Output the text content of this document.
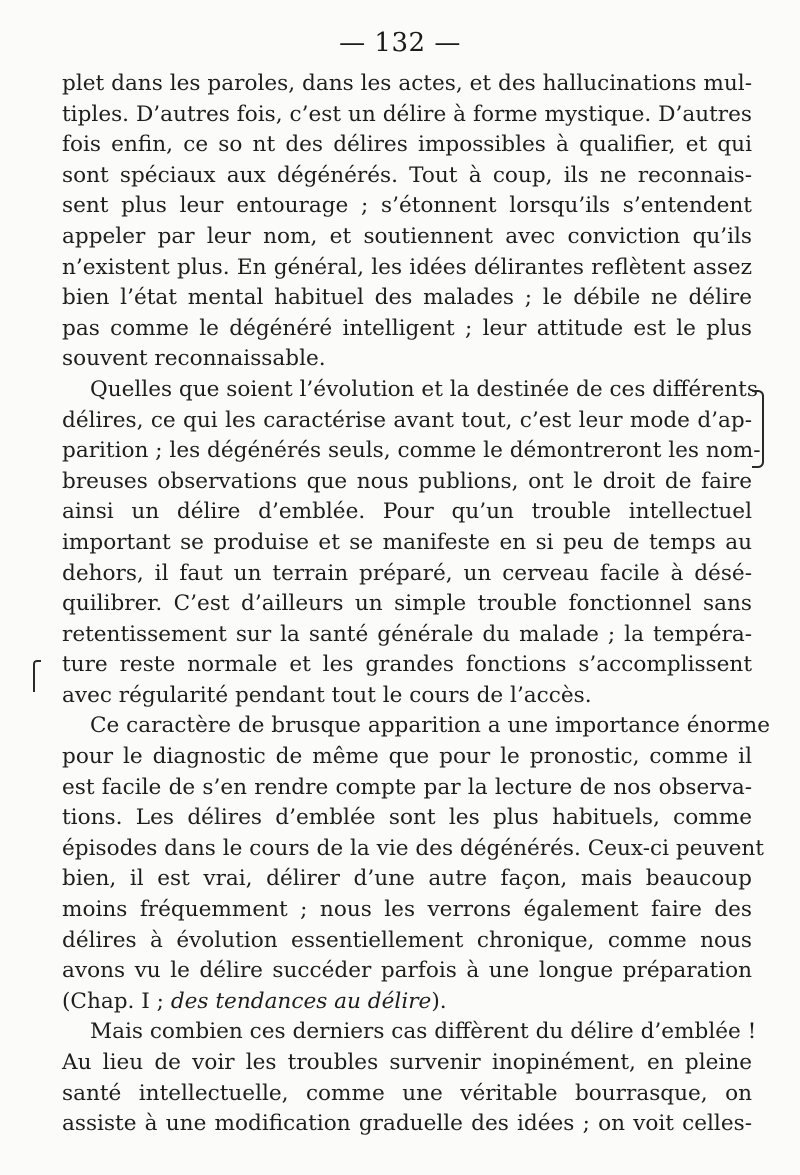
— 132 —
plet dans les paroles, dans les actes, et des hallucinations mul-
tiples. D’autres fois, c’est un délire à forme mystique. D’autres
fois enfin, ce so nt des délires impossibles à qualifier, et qui
sont spéciaux aux dégénérés. Tout à coup, ils ne reconnais-
sent plus leur entourage ; s’étonnent lorsqu’ils s’entendent
appeler par leur nom, et soutiennent avec conviction qu’ils
n’existent plus. En général, les idées délirantes reflètent assez
bien l’état mental habituel des malades ; le débile ne délire
pas comme le dégénéré intelligent ; leur attitude est le plus
souvent reconnaissable.
Quelles que soient l’évolution et la destinée de ces différents
délires, ce qui les caractérise avant tout, c’est leur mode d’ap-
parition ; les dégénérés seuls, comme le démontreront les nom-
breuses observations que nous publions, ont le droit de faire
ainsi un délire d’emblée. Pour qu’un trouble intellectuel
important se produise et se manifeste en si peu de temps au
dehors, il faut un terrain préparé, un cerveau facile à désé-
quilibrer. C’est d’ailleurs un simple trouble fonctionnel sans
retentissement sur la santé générale du malade ; la tempéra-
ture reste normale et les grandes fonctions s’accomplissent
avec régularité pendant tout le cours de l’accès.
Ce caractère de brusque apparition a une importance énorme
pour le diagnostic de même que pour le pronostic, comme il
est facile de s’en rendre compte par la lecture de nos observa-
tions. Les délires d’emblée sont les plus habituels, comme
épisodes dans le cours de la vie des dégénérés. Ceux-ci peuvent
bien, il est vrai, délirer d’une autre façon, mais beaucoup
moins fréquemment ; nous les verrons également faire des
délires à évolution essentiellement chronique, comme nous
avons vu le délire succéder parfois à une longue préparation
(Chap. I ; des tendances au délire).
Mais combien ces derniers cas diffèrent du délire d’emblée !
Au lieu de voir les troubles survenir inopinément, en pleine
santé intellectuelle, comme une véritable bourrasque, on
assiste à une modification graduelle des idées ; on voit celles-
